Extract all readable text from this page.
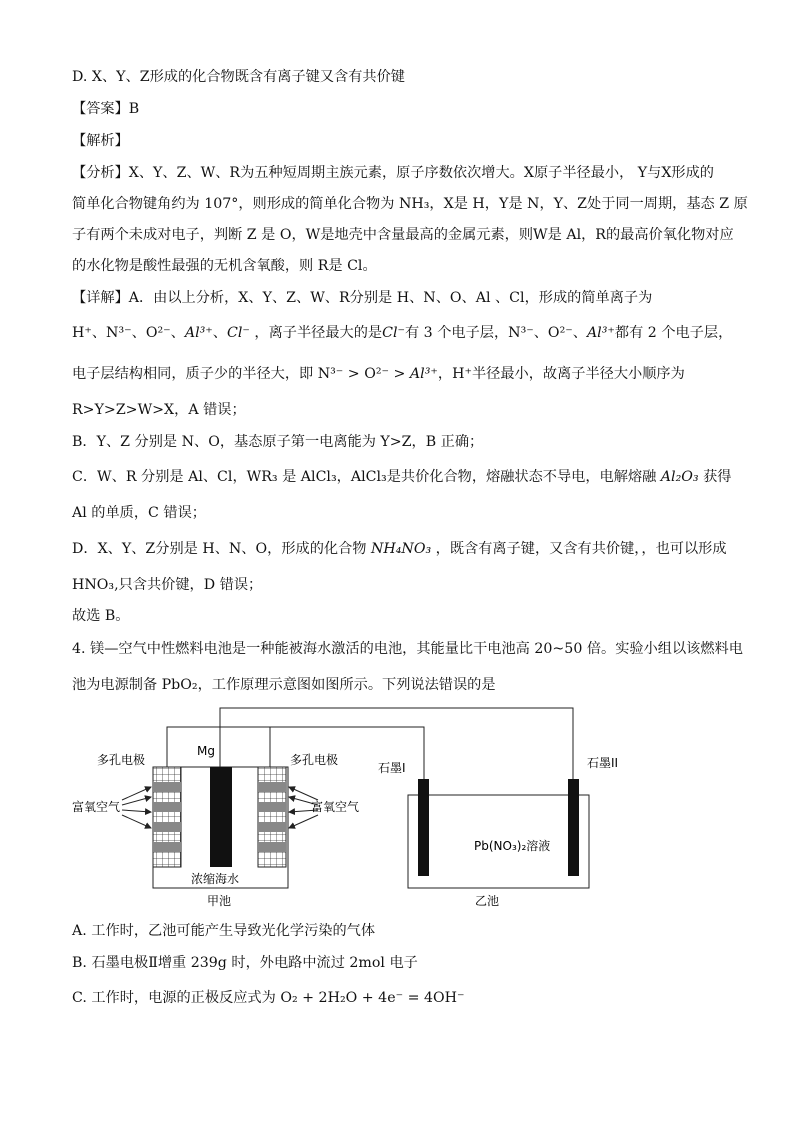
D. X、Y、Z形成的化合物既含有离子键又含有共价键
【答案】B
【解析】
【分析】X、Y、Z、W、R为五种短周期主族元素，原子序数依次增大。X原子半径最小， Y与X形成的
简单化合物键角约为 107°，则形成的简单化合物为 NH₃，X是 H，Y是 N，Y、Z处于同一周期，基态 Z 原
子有两个未成对电子，判断 Z 是 O，W是地壳中含量最高的金属元素，则W是 Al，R的最高价氧化物对应
的水化物是酸性最强的无机含氧酸，则 R是 Cl。
【详解】A．由以上分析，X、Y、Z、W、R分别是 H、N、O、Al 、Cl，形成的简单离子为
H⁺、N³⁻、O²⁻、Al³⁺、Cl⁻ ，离子半径最大的是Cl⁻有 3 个电子层，N³⁻、O²⁻、Al³⁺都有 2 个电子层，
电子层结构相同，质子少的半径大，即 N³⁻ > O²⁻ > Al³⁺，H⁺半径最小，故离子半径大小顺序为
R>Y>Z>W>X，A 错误；
B．Y、Z 分别是 N、O，基态原子第一电离能为 Y>Z，B 正确；
C．W、R 分别是 Al、Cl，WR₃ 是 AlCl₃，AlCl₃是共价化合物，熔融状态不导电，电解熔融 Al₂O₃ 获得
Al 的单质，C 错误；
D．X、Y、Z分别是 H、N、O，形成的化合物 NH₄NO₃ ，既含有离子键，又含有共价键，，也可以形成
HNO₃,只含共价键，D 错误；
故选 B。
4. 镁—空气中性燃料电池是一种能被海水激活的电池，其能量比干电池高 20~50 倍。实验小组以该燃料电
池为电源制备 PbO₂，工作原理示意图如图所示。下列说法错误的是
多孔电极
Mg
多孔电极
富氧空气	富氧空气
浓缩海水
甲池
石墨I	石墨II
Pb(NO₃)₂溶液
乙池
A. 工作时，乙池可能产生导致光化学污染的气体
B. 石墨电极Ⅱ增重 239g 时，外电路中流过 2mol 电子
C. 工作时，电源的正极反应式为 O₂ + 2H₂O + 4e⁻ = 4OH⁻
